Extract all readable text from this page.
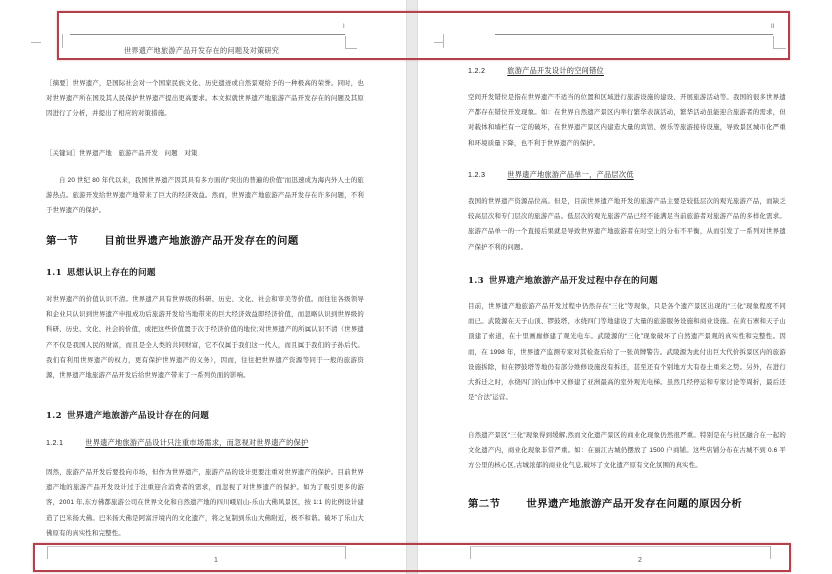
I
世界遗产地旅游产品开发存在的问题及对策研究
II
［摘要］世界遗产，是国际社会对一个国家民族文化、历史遗迹或自然景观给予的一种极高的荣誉。同时，也对世界遗产所在国及其人民保护世界遗产提出更高要求。本文拟就世界遗产地旅游产品开发存在的问题及其原因进行了分析，并提出了相应的对策措施。
［关键词］世界遗产地　旅游产品开发　问题　对策
自 20 世纪 80 年代以来，我国世界遗产因其具有多方面的“突出的普遍的价值”而迅速成为海内外人士的旅游热点。旅游开发给世界遗产地带来了巨大的经济效益。然而，世界遗产地旅游产品开发存在许多问题，不利于世界遗产的保护。
第一节	目前世界遗产地旅游产品开发存在的问题
1.1 思想认识上存在的问题
对世界遗产的价值认识不清。世界遗产具有世界级的科研、历史、文化、社会和审美等价值。而往往各级领导和企业只认识到世界遗产申报成功后旅游开发给当地带来的巨大经济效益即经济价值，而忽略认识到世界级的科研、历史、文化、社会的价值，或把这些价值置于次于经济价值的地位;对世界遗产的所属认识不清（世界遗产不仅是我国人民的财富，而且是全人类的共同财富，它不仅属于我们这一代人，而且属于我们的子孙后代。我们有利用世界遗产的权力，更有保护世界遗产的义务），因而，往往把世界遗产资源等同于一般的旅游资源，世界遗产地旅游产品开发后给世界遗产带来了一系列负面的影响。
1.2 世界遗产地旅游产品设计存在的问题
1.2.1	世界遗产地旅游产品设计只注重市场需求，而忽视对世界遗产的保护
固然，旅游产品开发后要投向市场，但作为世界遗产，旅游产品的设计更要注重对世界遗产的保护。目前世界遗产地的旅游产品开发设计过于注重迎合消费者的需求，而忽视了对世界遗产的保护。如为了吸引更多的游客，2001 年,东方佛都旅游公司在世界文化和自然遗产地的四川峨眉山-乐山大佛风景区，按 1:1 的比例设计建造了巴米扬大佛。巴米扬大佛是阿富汗境内的文化遗产，将之复制到乐山大佛附近，极不和谐。破坏了乐山大佛原有的真实性和完整性。
1.2.2	旅游产品开发设计的空间错位
空间开发错位是指在世界遗产不适当的位置和区域进行旅游设施的建设、开展旅游活动等。我国的很多世界遗产都存在错位开发现象。如：在世界自然遗产景区内举行繁华表演活动，繁华活动虽能迎合旅游者的需求，但对载体和墙栏有一定的破坏，在世界遗产景区内建造大量的宾馆、娱乐等旅游接待设施，导致景区城市化严重和环境质量下降，也不利于世界遗产的保护。
1.2.3	世界遗产地旅游产品单一，产品层次低
我国的世界遗产资源品位高。但是，目前世界遗产地开发的旅游产品主要是较低层次的观光旅游产品，而缺乏较高层次和专门层次的旅游产品。低层次的观光旅游产品已经不能满足当前旅游者对旅游产品的多样化需求。旅游产品单一的一个直接后果就是导致世界遗产地旅游者在时空上的分布不平衡，从而引发了一系列对世界遗产保护不利的问题。
1.3 世界遗产地旅游产品开发过程中存在的问题
目前，世界遗产地旅游产品开发过程中仍然存在“三化”等现象，只是各个遗产景区出现的“三化”现象程度不同而已。武陵源在天子山顶、锣鼓塔、水绕四门等地建设了大量的旅游服务设施和商业设施。在黄石寨和天子山顶建了索道，在十里画廊修建了观光电车。武陵源的“三化”现象破坏了自然遗产景观的真实性和完整性。因而，在 1998 年，世界遗产监测专家对其检查后给了一张黄牌警告。武陵源为此付出巨大代价拆景区内的旅游设施拆除，但在锣鼓塔等地仍有部分维修设施没有拆还，甚至还有个别地方大有卷土重来之势。另外，在进行大拆迁之时，水绕四门的山体中又修建了亚洲最高的室外观光电梯。虽然几经停运和专家讨论等周折，最后还是“合法”运营。
自然遗产景区“三化”现象得到缓解,然而文化遗产景区的商业化现象仍然很严重。特别是在与社区融合在一起的文化遗产内，商业化现象非常严重。如：在丽江古城仍摆放了 1500 户商铺。这些店铺分布在古城不到 0.6 平方公里的核心区,古城浓郁的商业化气息,破坏了文化遗产原有文化氛围的真实性。
第二节	世界遗产地旅游产品开发存在问题的原因分析
1	2
